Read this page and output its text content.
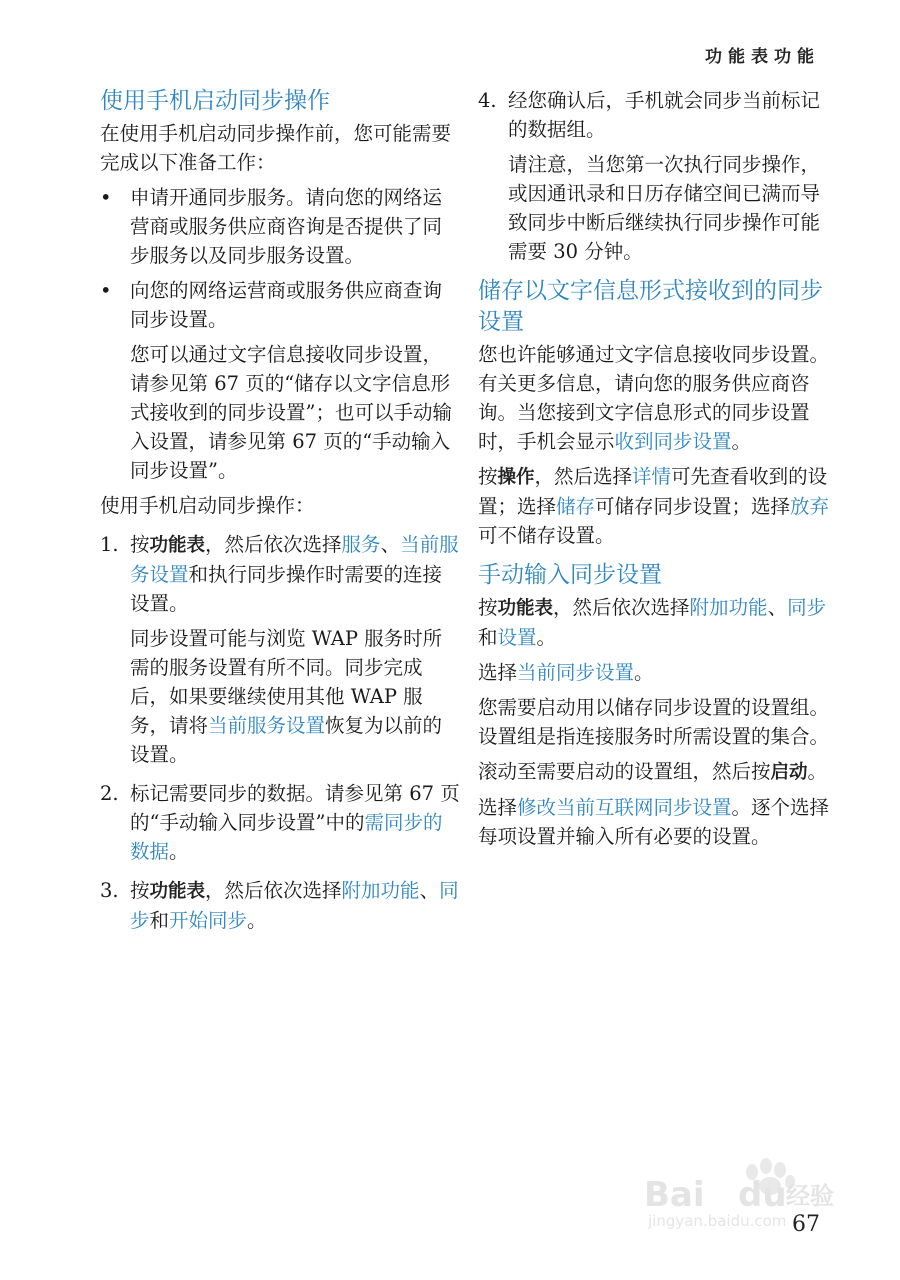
功能表功能
使用手机启动同步操作

在使用手机启动同步操作前，您可能需要完成以下准备工作：

• 申请开通同步服务。请向您的网络运营商或服务供应商咨询是否提供了同步服务以及同步服务设置。

• 向您的网络运营商或服务供应商查询同步设置。

您可以通过文字信息接收同步设置，请参见第 67 页的“储存以文字信息形式接收到的同步设置”；也可以手动输入设置，请参见第 67 页的“手动输入同步设置”。

使用手机启动同步操作：

1. 按功能表，然后依次选择服务、当前服务设置和执行同步操作时需要的连接设置。

同步设置可能与浏览 WAP 服务时所需的服务设置有所不同。同步完成后，如果要继续使用其他 WAP 服务，请将当前服务设置恢复为以前的设置。

2. 标记需要同步的数据。请参见第 67 页的“手动输入同步设置”中的需同步的数据。

3. 按功能表，然后依次选择附加功能、同步和开始同步。

4. 经您确认后，手机就会同步当前标记的数据组。

请注意，当您第一次执行同步操作，或因通讯录和日历存储空间已满而导致同步中断后继续执行同步操作可能需要 30 分钟。

储存以文字信息形式接收到的同步设置

您也许能够通过文字信息接收同步设置。有关更多信息，请向您的服务供应商咨询。当您接到文字信息形式的同步设置时，手机会显示收到同步设置。

按操作，然后选择详情可先查看收到的设置；选择储存可储存同步设置；选择放弃可不储存设置。

手动输入同步设置

按功能表，然后依次选择附加功能、同步和设置。

选择当前同步设置。

您需要启动用以储存同步设置的设置组。设置组是指连接服务时所需设置的集合。

滚动至需要启动的设置组，然后按启动。

选择修改当前互联网同步设置。逐个选择每项设置并输入所有必要的设置。

Bai du 经验
jingyan.baidu.com 67
